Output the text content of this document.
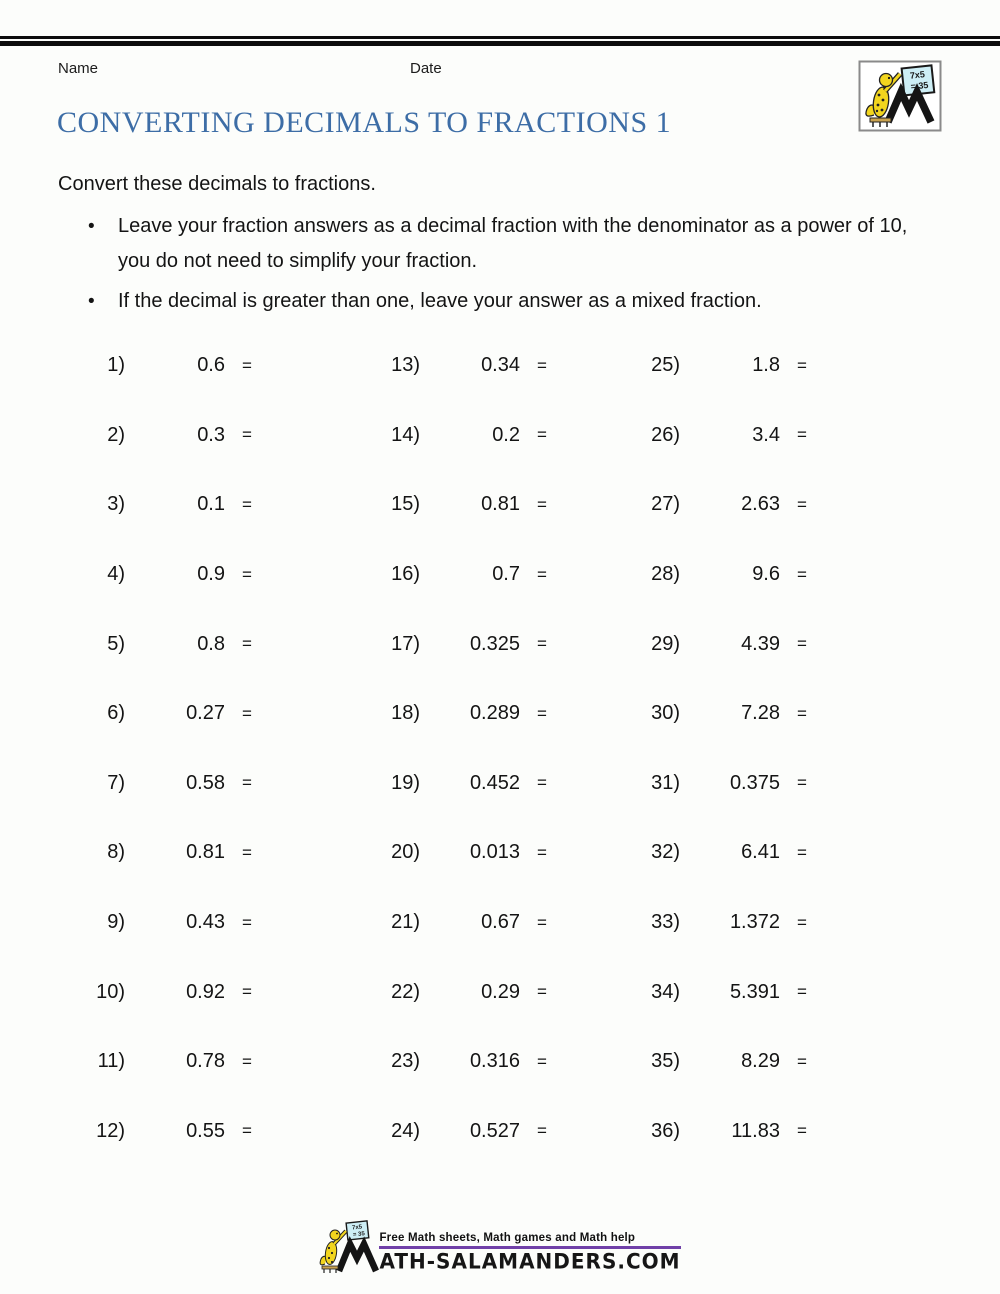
Name	Date	7x5
= 35
CONVERTING DECIMALS TO FRACTIONS 1
Convert these decimals to fractions.
•	Leave your fraction answers as a decimal fraction with the denominator as a power of 10, you do not need to simplify your fraction.
•	If the decimal is greater than one, leave your answer as a mixed fraction.
1)	0.6 =
2)	0.3 =
3)	0.1 =
4)	0.9 =
5)	0.8 =
6)	0.27 =
7)	0.58 =
8)	0.81 =
9)	0.43 =
10)	0.92 =
11)	0.78 =
12)	0.55 =
13)	0.34 =
14)	0.2 =
15)	0.81 =
16)	0.7 =
17)	0.325 =
18)	0.289 =
19)	0.452 =
20)	0.013 =
21)	0.67 =
22)	0.29 =
23)	0.316 =
24)	0.527 =
25)	1.8 =
26)	3.4 =
27)	2.63 =
28)	9.6 =
29)	4.39 =
30)	7.28 =
31)	0.375 =
32)	6.41 =
33)	1.372 =
34)	5.391 =
35)	8.29 =
36)	11.83 =
7x5
= 35 Free Math sheets, Math games and Math help
ATH-SALAMANDERS.COM
